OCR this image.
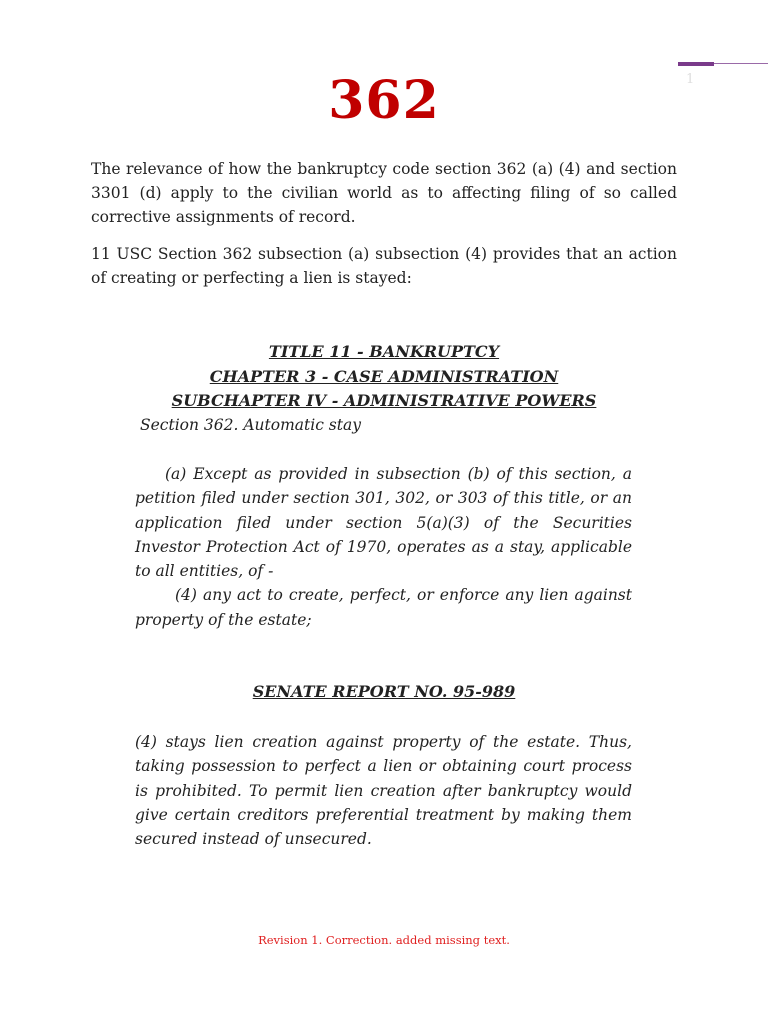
1
362

The relevance of how the bankruptcy code section 362 (a) (4) and section 3301 (d) apply to the civilian world as to affecting filing of so called corrective assignments of record.

11 USC Section 362 subsection (a) subsection (4) provides that an action of creating or perfecting a lien is stayed:

TITLE 11 - BANKRUPTCY
CHAPTER 3 - CASE ADMINISTRATION
SUBCHAPTER IV - ADMINISTRATIVE POWERS
Section 362. Automatic stay
(a) Except as provided in subsection (b) of this section, a petition filed under section 301, 302, or 303 of this title, or an application filed under section 5(a)(3) of the Securities Investor Protection Act of 1970, operates as a stay, applicable to all entities, of -
(4) any act to create, perfect, or enforce any lien against property of the estate;
SENATE REPORT NO. 95-989
(4) stays lien creation against property of the estate. Thus, taking possession to perfect a lien or obtaining court process is prohibited. To permit lien creation after bankruptcy would give certain creditors preferential treatment by making them secured instead of unsecured.
Revision 1. Correction. added missing text.
